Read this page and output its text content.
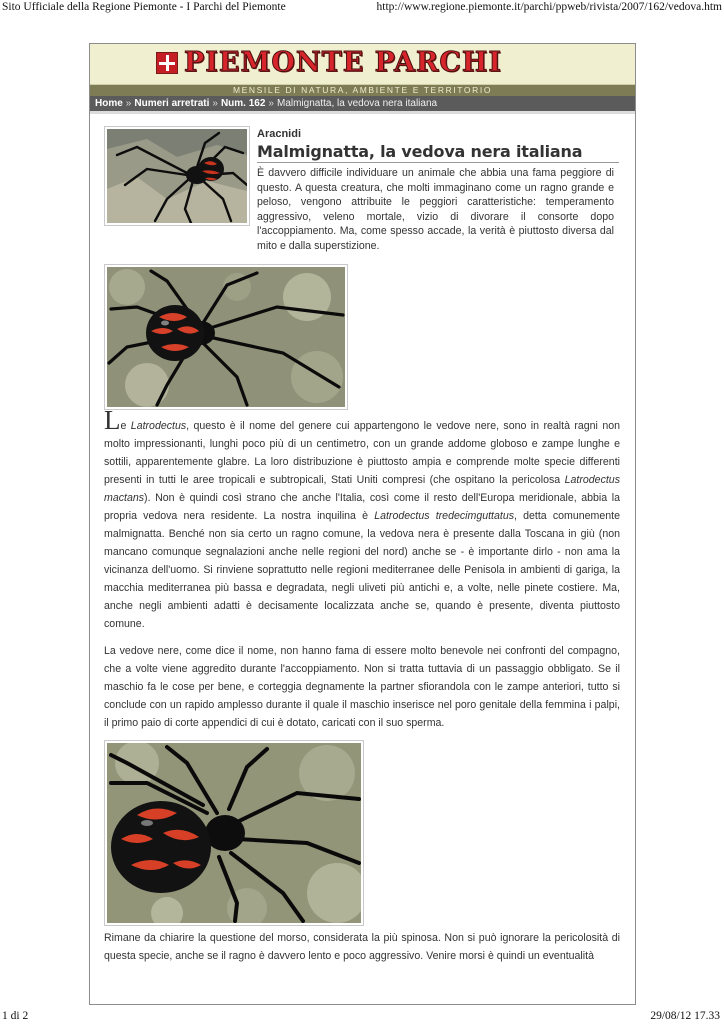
Sito Ufficiale della Regione Piemonte - I Parchi del Piemonte	http://www.regione.piemonte.it/parchi/ppweb/rivista/2007/162/vedova.htm
PIEMONTE PARCHI
MENSILE DI NATURA, AMBIENTE E TERRITORIO
Home » Numeri arretrati » Num. 162 » Malmignatta, la vedova nera italiana
Aracnidi
Malmignatta, la vedova nera italiana

È davvero difficile individuare un animale che abbia una fama peggiore di questo. A questa creatura, che molti immaginano come un ragno grande e peloso, vengono attribuite le peggiori caratteristiche: temperamento aggressivo, veleno mortale, vizio di divorare il consorte dopo l'accoppiamento. Ma, come spesso accade, la verità è piuttosto diversa dal mito e dalla superstizione.

Le Latrodectus, questo è il nome del genere cui appartengono le vedove nere, sono in realtà ragni non molto impressionanti, lunghi poco più di un centimetro, con un grande addome globoso e zampe lunghe e sottili, apparentemente glabre. La loro distribuzione è piuttosto ampia e comprende molte specie differenti presenti in tutti le aree tropicali e subtropicali, Stati Uniti compresi (che ospitano la pericolosa Latrodectus mactans). Non è quindi così strano che anche l'Italia, così come il resto dell'Europa meridionale, abbia la propria vedova nera residente. La nostra inquilina è Latrodectus tredecimguttatus, detta comunemente malmignatta. Benché non sia certo un ragno comune, la vedova nera è presente dalla Toscana in giù (non mancano comunque segnalazioni anche nelle regioni del nord) anche se - è importante dirlo - non ama la vicinanza dell'uomo. Si rinviene soprattutto nelle regioni mediterranee delle Penisola in ambienti di gariga, la macchia mediterranea più bassa e degradata, negli uliveti più antichi e, a volte, nelle pinete costiere. Ma, anche negli ambienti adatti è decisamente localizzata anche se, quando è presente, diventa piuttosto comune.

La vedove nere, come dice il nome, non hanno fama di essere molto benevole nei confronti del compagno, che a volte viene aggredito durante l'accoppiamento. Non si tratta tuttavia di un passaggio obbligato. Se il maschio fa le cose per bene, e corteggia degnamente la partner sfiorandola con le zampe anteriori, tutto si conclude con un rapido amplesso durante il quale il maschio inserisce nel poro genitale della femmina i palpi, il primo paio di corte appendici di cui è dotato, caricati con il suo sperma.

Rimane da chiarire la questione del morso, considerata la più spinosa. Non si può ignorare la pericolosità di questa specie, anche se il ragno è davvero lento e poco aggressivo. Venire morsi è quindi un eventualità

1 di 2	29/08/12 17.33
